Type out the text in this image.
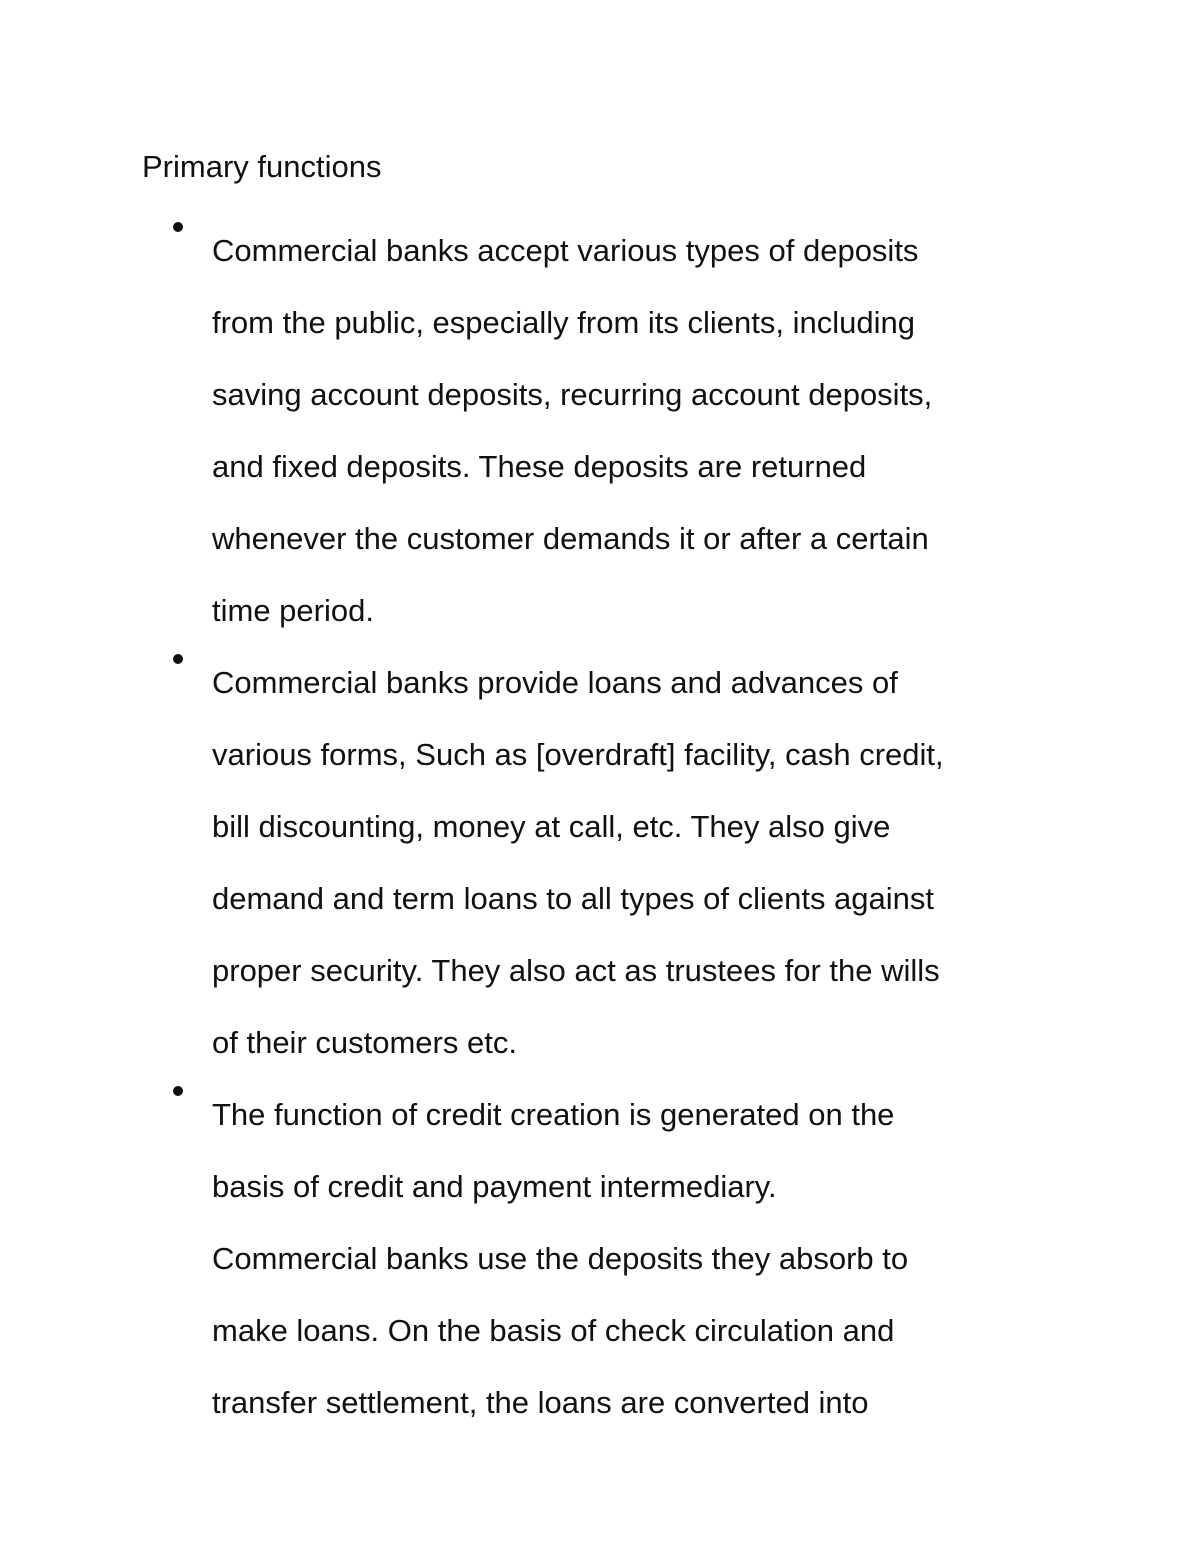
Primary functions
Commercial banks accept various types of deposits
from the public, especially from its clients, including
saving account deposits, recurring account deposits,
and fixed deposits. These deposits are returned
whenever the customer demands it or after a certain
time period.
Commercial banks provide loans and advances of
various forms, Such as [overdraft] facility, cash credit,
bill discounting, money at call, etc. They also give
demand and term loans to all types of clients against
proper security. They also act as trustees for the wills
of their customers etc.
The function of credit creation is generated on the
basis of credit and payment intermediary.
Commercial banks use the deposits they absorb to
make loans. On the basis of check circulation and
transfer settlement, the loans are converted into
